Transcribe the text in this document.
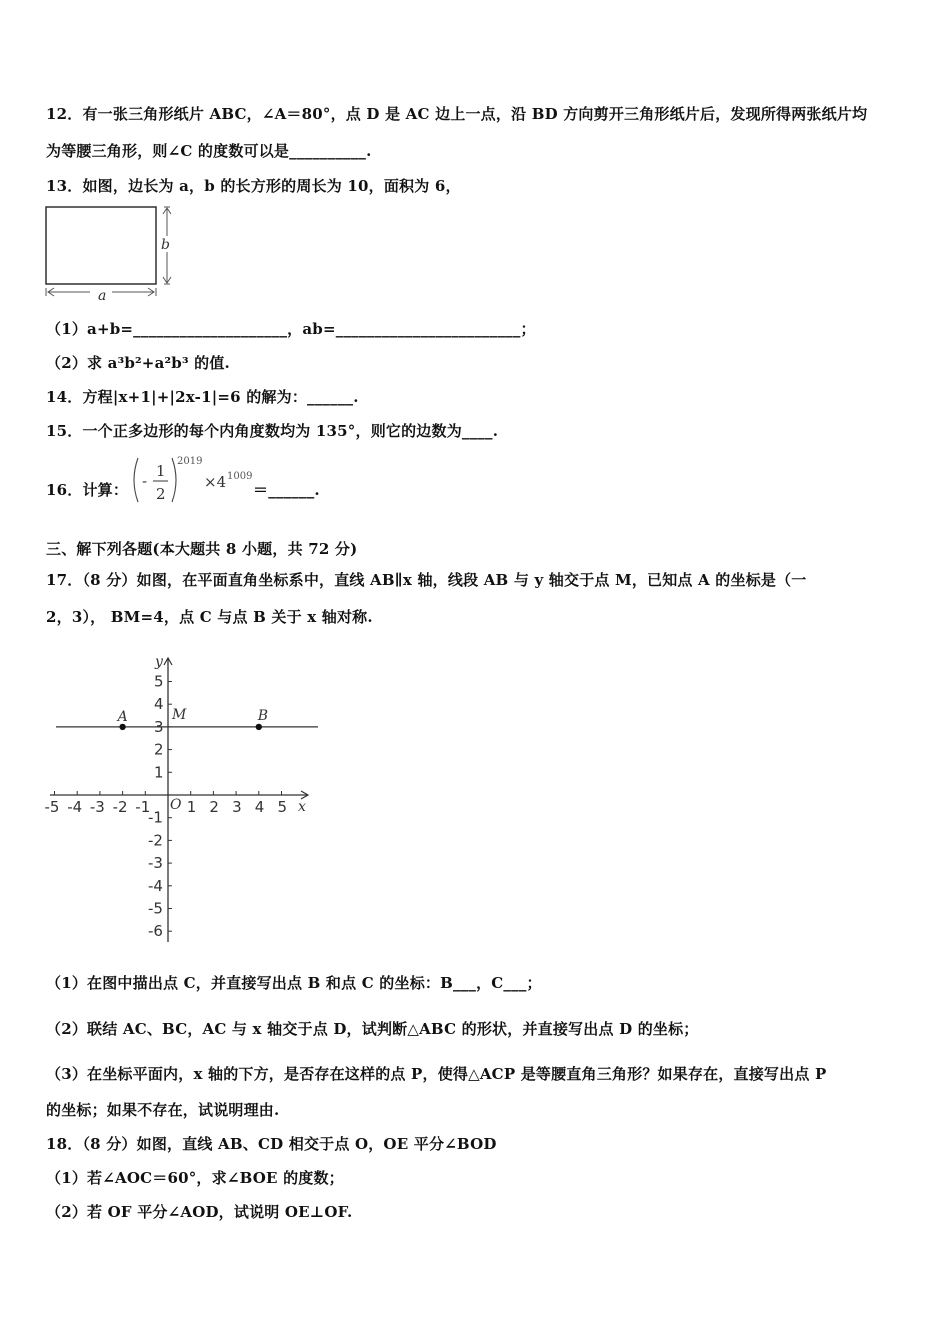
12．有一张三角形纸片 ABC，∠A＝80°，点 D 是 AC 边上一点，沿 BD 方向剪开三角形纸片后，发现所得两张纸片均
为等腰三角形，则∠C 的度数可以是__________.
13．如图，边长为 a，b 的长方形的周长为 10，面积为 6，
a
b
（1）a+b=____________________，ab=________________________；
（2）求 a³b²+a²b³ 的值.
14．方程|x+1|+|2x-1|=6 的解为：______.
15．一个正多边形的每个内角度数均为 135°，则它的边数为____.
16．计算： -
1
2
2019
×4 1009
＝______.
三、解下列各题(本大题共 8 小题，共 72 分)
17．（8 分）如图，在平面直角坐标系中，直线 AB∥x 轴，线段 AB 与 y 轴交于点 M，已知点 A 的坐标是（一
2，3）， BM=4，点 C 与点 B 关于 x 轴对称.
-5 -4 -3 -2 -1 1 2 3 4 5
5
4
3
2
1
-1
-2
-3
-4
-5
-6
x
y
O
A	M	B
（1）在图中描出点 C，并直接写出点 B 和点 C 的坐标：B___，C___；
（2）联结 AC、BC，AC 与 x 轴交于点 D，试判断△ABC 的形状，并直接写出点 D 的坐标；
（3）在坐标平面内，x 轴的下方，是否存在这样的点 P，使得△ACP 是等腰直角三角形？如果存在，直接写出点 P
的坐标；如果不存在，试说明理由.
18．（8 分）如图，直线 AB、CD 相交于点 O，OE 平分∠BOD
（1）若∠AOC＝60°，求∠BOE 的度数；
（2）若 OF 平分∠AOD，试说明 OE⊥OF.
